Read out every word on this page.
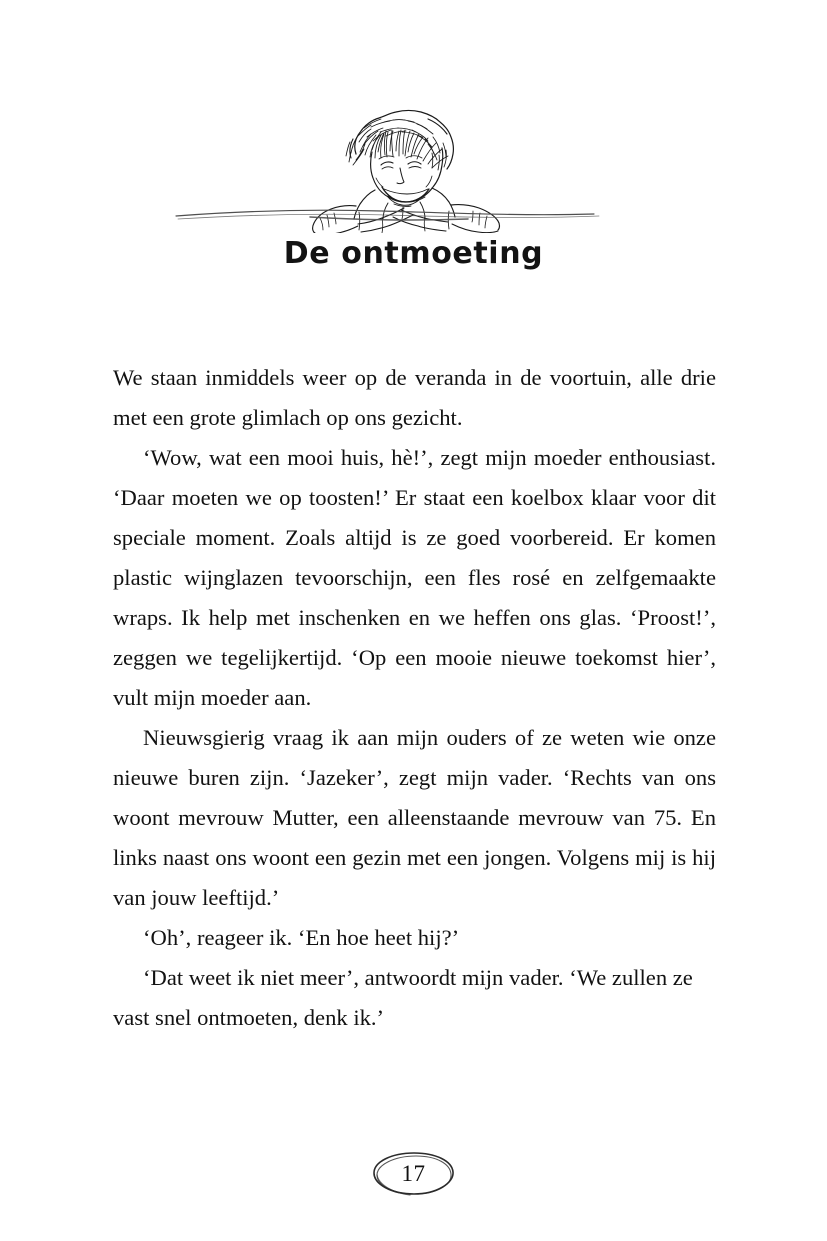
De ontmoeting

We staan inmiddels weer op de veranda in de voortuin, alle drie met een grote glimlach op ons gezicht.

‘Wow, wat een mooi huis, hè!’, zegt mijn moeder enthousiast. ‘Daar moeten we op toosten!’ Er staat een koelbox klaar voor dit speciale moment. Zoals altijd is ze goed voorbereid. Er komen plastic wijnglazen tevoorschijn, een fles rosé en zelfgemaakte wraps. Ik help met inschenken en we heffen ons glas. ‘Proost!’, zeggen we tegelijkertijd. ‘Op een mooie nieuwe toekomst hier’, vult mijn moeder aan.

Nieuwsgierig vraag ik aan mijn ouders of ze weten wie onze nieuwe buren zijn. ‘Jazeker’, zegt mijn vader. ‘Rechts van ons woont mevrouw Mutter, een alleenstaande mevrouw van 75. En links naast ons woont een gezin met een jongen. Volgens mij is hij van jouw leeftijd.’

‘Oh’, reageer ik. ‘En hoe heet hij?’

‘Dat weet ik niet meer’, antwoordt mijn vader. ‘We zullen ze vast snel ontmoeten, denk ik.’

17
